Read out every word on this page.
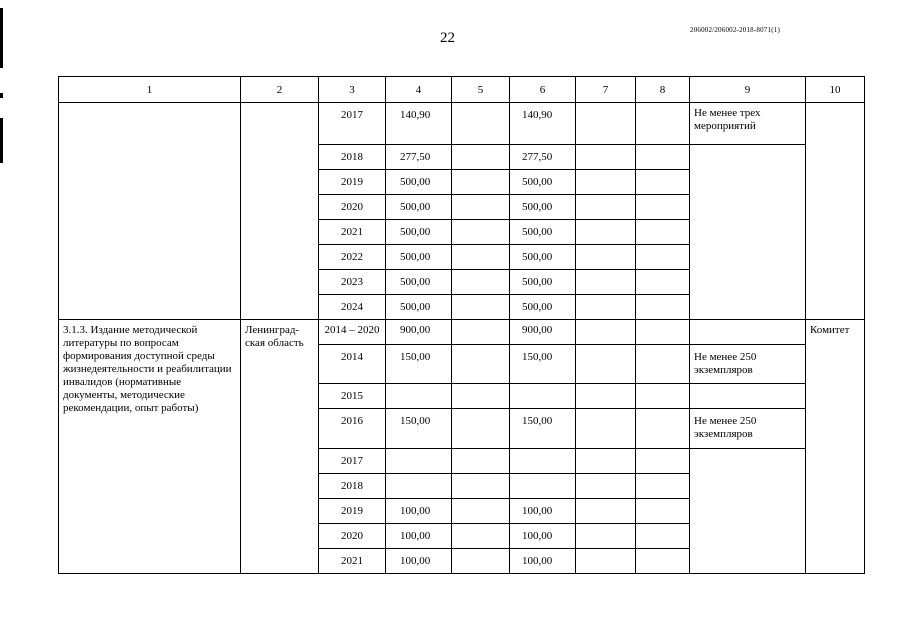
22	206002/206002-2018-8071(1)
1	2	3	4	5	6	7	8	9	10
		2017	140,90		140,90			Не менее трех мероприятий	
		2018	277,50		277,50				
		2019	500,00		500,00				
		2020	500,00		500,00				
		2021	500,00		500,00				
		2022	500,00		500,00				
		2023	500,00		500,00				
		2024	500,00		500,00				
3.1.3. Издание методической литературы по вопросам формирования доступной среды жизнедеятельности и реабилитации инвалидов (нормативные документы, методические рекомендации, опыт работы)	Ленинград-ская область	2014 – 2020	900,00		900,00				Комитет
		2014	150,00		150,00			Не менее 250 экземпляров	
		2015							
		2016	150,00		150,00			Не менее 250 экземпляров	
		2017							
		2018							
		2019	100,00		100,00				
		2020	100,00		100,00				
		2021	100,00		100,00				
